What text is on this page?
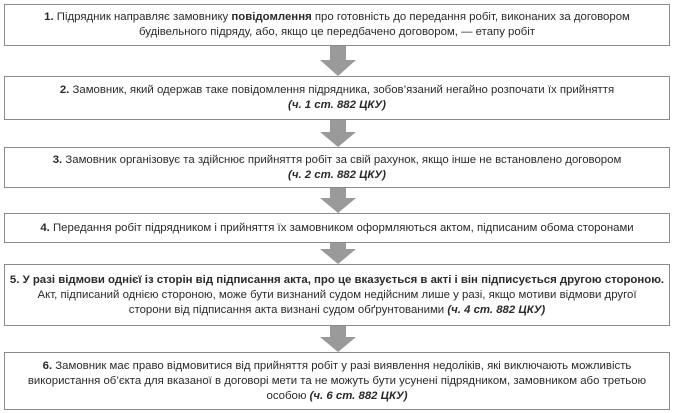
1. Підрядник направляє замовнику повідомлення про готовність до передання робіт, виконаних за договором
будівельного підряду, або, якщо це передбачено договором, — етапу робіт
2. Замовник, який одержав таке повідомлення підрядника, зобов’язаний негайно розпочати їх прийняття
(ч. 1 ст. 882 ЦКУ)
3. Замовник організовує та здійснює прийняття робіт за свій рахунок, якщо інше не встановлено договором
(ч. 2 ст. 882 ЦКУ)
4. Передання робіт підрядником і прийняття їх замовником оформляються актом, підписаним обома сторонами
5. У разі відмови однієї із сторін від підписання акта, про це вказується в акті і він підписується другою стороною.
Акт, підписаний однією стороною, може бути визнаний судом недійсним лише у разі, якщо мотиви відмови другої
сторони від підписання акта визнані судом обґрунтованими (ч. 4 ст. 882 ЦКУ)
6. Замовник має право відмовитися від прийняття робіт у разі виявлення недоліків, які виключають можливість
використання об’єкта для вказаної в договорі мети та не можуть бути усунені підрядником, замовником або третьою
особою (ч. 6 ст. 882 ЦКУ)
